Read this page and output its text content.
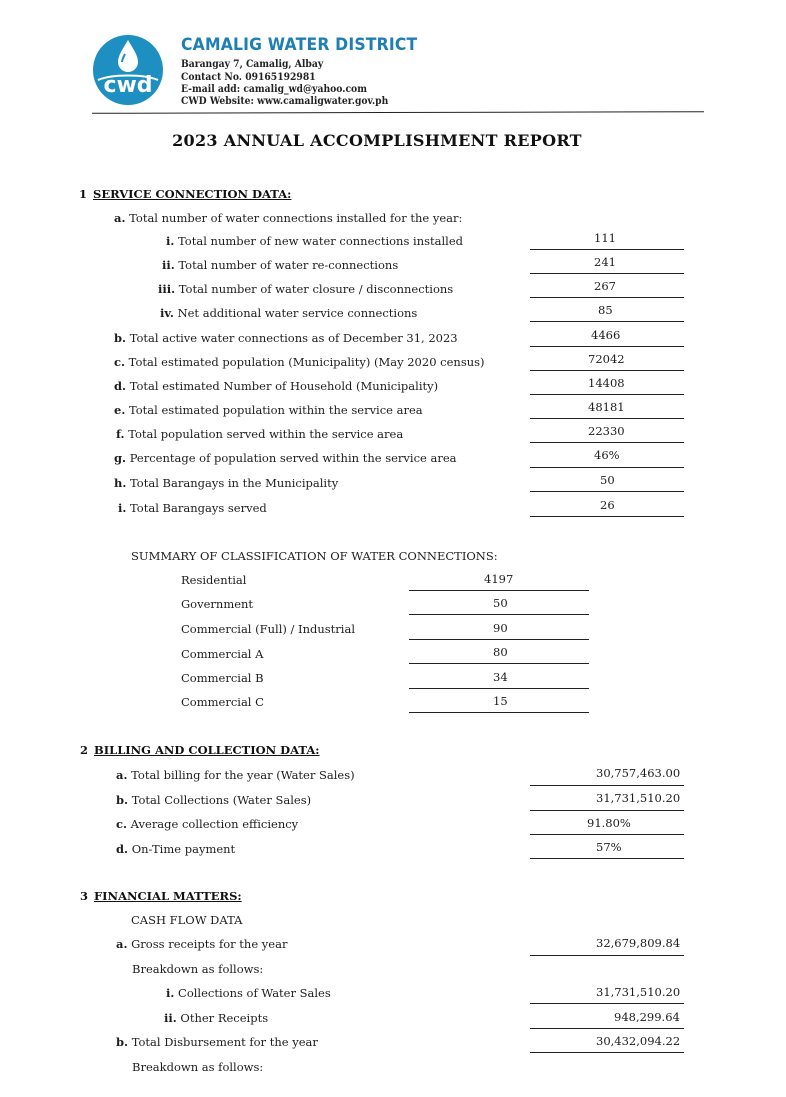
cwd
CAMALIG WATER DISTRICT
Barangay 7, Camalig, Albay
Contact No. 09165192981
E-mail add: camalig_wd@yahoo.com
CWD Website: www.camaligwater.gov.ph
2023 ANNUAL ACCOMPLISHMENT REPORT
1 SERVICE CONNECTION DATA:
a. Total number of water connections installed for the year:
i. Total number of new water connections installed	111
ii. Total number of water re-connections	241
iii. Total number of water closure / disconnections	267
iv. Net additional water service connections	85
b. Total active water connections as of December 31, 2023	4466
c. Total estimated population (Municipality) (May 2020 census)	72042
d. Total estimated Number of Household (Municipality)	14408
e. Total estimated population within the service area	48181
f. Total population served within the service area	22330
g. Percentage of population served within the service area	46%
h. Total Barangays in the Municipality	50
i. Total Barangays served	26
SUMMARY OF CLASSIFICATION OF WATER CONNECTIONS:
Residential	4197
Government	50
Commercial (Full) / Industrial	90
Commercial A	80
Commercial B	34
Commercial C	15
2 BILLING AND COLLECTION DATA:
a. Total billing for the year (Water Sales)	30,757,463.00
b. Total Collections (Water Sales)	31,731,510.20
c. Average collection efficiency	91.80%
d. On-Time payment	57%
3 FINANCIAL MATTERS:
CASH FLOW DATA
a. Gross receipts for the year	32,679,809.84
Breakdown as follows:
i. Collections of Water Sales	31,731,510.20
ii. Other Receipts	948,299.64
b. Total Disbursement for the year	30,432,094.22
Breakdown as follows:
